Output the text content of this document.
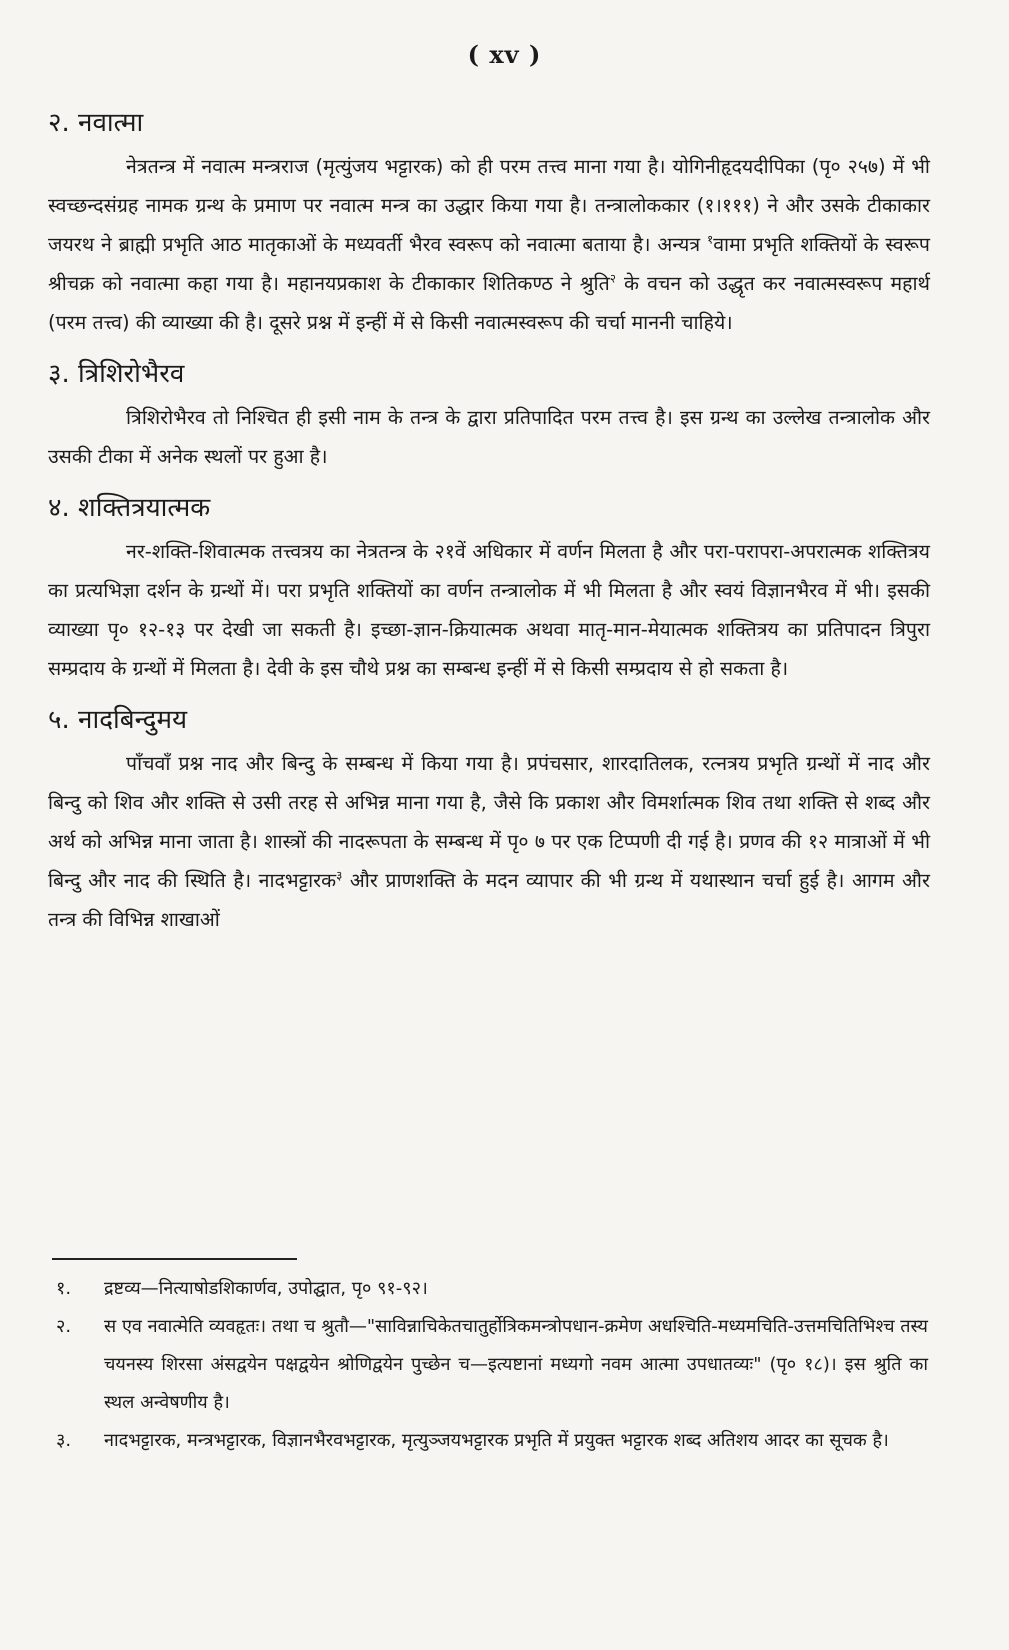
( xv )
२. नवात्मा
नेत्रतन्त्र में नवात्म मन्त्रराज (मृत्युंजय भट्टारक) को ही परम तत्त्व माना गया है। योगिनीहृदयदीपिका (पृ० २५७) में भी स्वच्छन्दसंग्रह नामक ग्रन्थ के प्रमाण पर नवात्म मन्त्र का उद्धार किया गया है। तन्त्रालोककार (१।१११) ने और उसके टीकाकार जयरथ ने ब्राह्मी प्रभृति आठ मातृकाओं के मध्यवर्ती भैरव स्वरूप को नवात्मा बताया है। अन्यत्र $^१$वामा प्रभृति शक्तियों के स्वरूप श्रीचक्र को नवात्मा कहा गया है। महानयप्रकाश के टीकाकार शितिकण्ठ ने श्रुति$^२$ के वचन को उद्धृत कर नवात्मस्वरूप महार्थ (परम तत्त्व) की व्याख्या की है। दूसरे प्रश्न में इन्हीं में से किसी नवात्मस्वरूप की चर्चा माननी चाहिये।
३. त्रिशिरोभैरव
त्रिशिरोभैरव तो निश्चित ही इसी नाम के तन्त्र के द्वारा प्रतिपादित परम तत्त्व है। इस ग्रन्थ का उल्लेख तन्त्रालोक और उसकी टीका में अनेक स्थलों पर हुआ है।
४. शक्तित्रयात्मक
नर-शक्ति-शिवात्मक तत्त्वत्रय का नेत्रतन्त्र के २१वें अधिकार में वर्णन मिलता है और परा-परापरा-अपरात्मक शक्तित्रय का प्रत्यभिज्ञा दर्शन के ग्रन्थों में। परा प्रभृति शक्तियों का वर्णन तन्त्रालोक में भी मिलता है और स्वयं विज्ञानभैरव में भी। इसकी व्याख्या पृ० १२-१३ पर देखी जा सकती है। इच्छा-ज्ञान-क्रियात्मक अथवा मातृ-मान-मेयात्मक शक्तित्रय का प्रतिपादन त्रिपुरा सम्प्रदाय के ग्रन्थों में मिलता है। देवी के इस चौथे प्रश्न का सम्बन्ध इन्हीं में से किसी सम्प्रदाय से हो सकता है।
५. नादबिन्दुमय
पाँचवाँ प्रश्न नाद और बिन्दु के सम्बन्ध में किया गया है। प्रपंचसार, शारदातिलक, रत्नत्रय प्रभृति ग्रन्थों में नाद और बिन्दु को शिव और शक्ति से उसी तरह से अभिन्न माना गया है, जैसे कि प्रकाश और विमर्शात्मक शिव तथा शक्ति से शब्द और अर्थ को अभिन्न माना जाता है। शास्त्रों की नादरूपता के सम्बन्ध में पृ० ७ पर एक टिप्पणी दी गई है। प्रणव की १२ मात्राओं में भी बिन्दु और नाद की स्थिति है। नादभट्टारक$^३$ और प्राणशक्ति के मदन व्यापार की भी ग्रन्थ में यथास्थान चर्चा हुई है। आगम और तन्त्र की विभिन्न शाखाओं
१.	द्रष्टव्य—नित्याषोडशिकार्णव, उपोद्घात, पृ० ९१-९२।
२.	स एव नवात्मेति व्यवहृतः। तथा च श्रुतौ—"साविन्नाचिकेतचातुर्होत्रिकमन्त्रोपधान-क्रमेण अधश्चिति-मध्यमचिति-उत्तमचितिभिश्च तस्य चयनस्य शिरसा अंसद्वयेन पक्षद्वयेन श्रोणिद्वयेन पुच्छेन च—इत्यष्टानां मध्यगो नवम आत्मा उपधातव्यः" (पृ० १८)। इस श्रुति का स्थल अन्वेषणीय है।
३.	नादभट्टारक, मन्त्रभट्टारक, विज्ञानभैरवभट्टारक, मृत्युञ्जयभट्टारक प्रभृति में प्रयुक्त भट्टारक शब्द अतिशय आदर का सूचक है।
